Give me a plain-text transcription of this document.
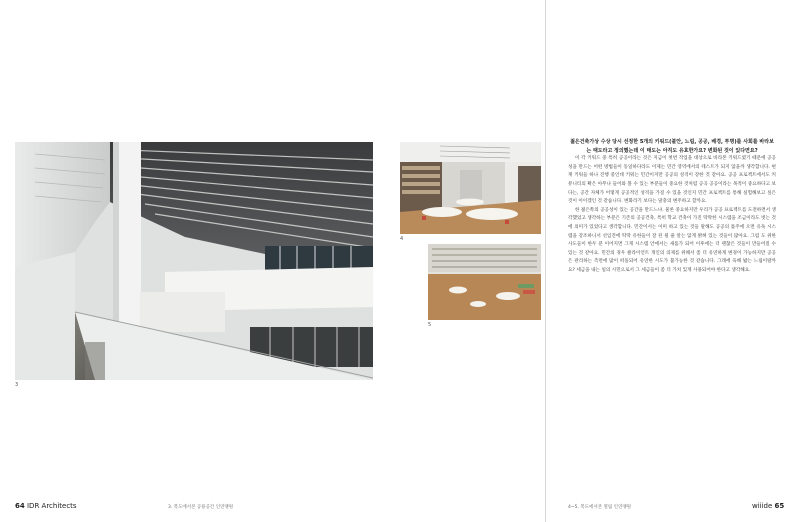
3
4
5
젊은건축가상 수상 당시 선정한 5개의 키워드(불안, 느림, 공공, 배경, 투명)를 사회를 바라보는 태도라고 정의했는데 이 태도는 아직도 유효한가요? 변화된 것이 있다면요?

이 각 키워드 중 특히 공공이라는 것은 지금이 첫번 작업을 대상으로 바라본 키워드였기 때문에 공공성을 만드는 어떤 방법들이 동일하다라도 이제는 민간 영역에서의 테스트가 되지 않을까 생각합니다. 현재 키워들 하나 진행 중인데 키워는 민간이지만 공공의 성격이 강한 것 같아요. 공공 프로젝트에서도 커뮤니티의 확은 아무나 들어와 볼 수 있는 부분들이 중요한 것처럼 공곡 공공이라는 목적이 중요하다고 보다는, 공간 자체가 어떻게 공공적인 성격을 가질 수 있을 것인지 민간 프로젝트를 통해 실험해보고 싶은 것이 이이겠인 것 같습니다. 변화라기 보다는 말충의 변주하고 할까요.

한 젊은쪽의 공공성이 있는 공간을 만드느냐. 물론 중요하지만 우리가 공공 프로젝트를 도전하면서 생각했었고 생각하는 부분은 기존의 공공건축, 특히 학교 건축이 가진 딱딱한 시스템을 조금이라도 벗는 것에 의미가 있었다고 생각합니다. 민간이서는 이미 하고 있는 것들 말해도 공공의 틀주에 오면 유독 시스템을 강조하니서 선입견에 딱딱 유한들이 잘 된 될 줄 알는 않게 밝혀 있는 것들이 많아요. 그럼 도 위한 사도들이 한두 분 이어지면 그게 시스템 안에서는 새롭가 되어 이후에는 더 괜찮은 것들이 만들어질 수 있는 것 같아요. 민간의 경우 클라이언트 개인의 의제를 위해서 좀 더 유연하게 변경이 가능하지만 공공은 관리하는 측면에 많이 떠돌되어 유연한 시도가 불가능한 것 같습니다. 그래에 육해 밟는 느림이랄까요? 세금을 내는 일의 시민으로서 그 세금들이 좀 더 가치 있게 사용되어야 한다고 생각해요.

64 IDR Architects	3. 복도에서본 공용공간 인연맹원	4~5. 복도에서본 열림 인연맹원	wiiide 65
